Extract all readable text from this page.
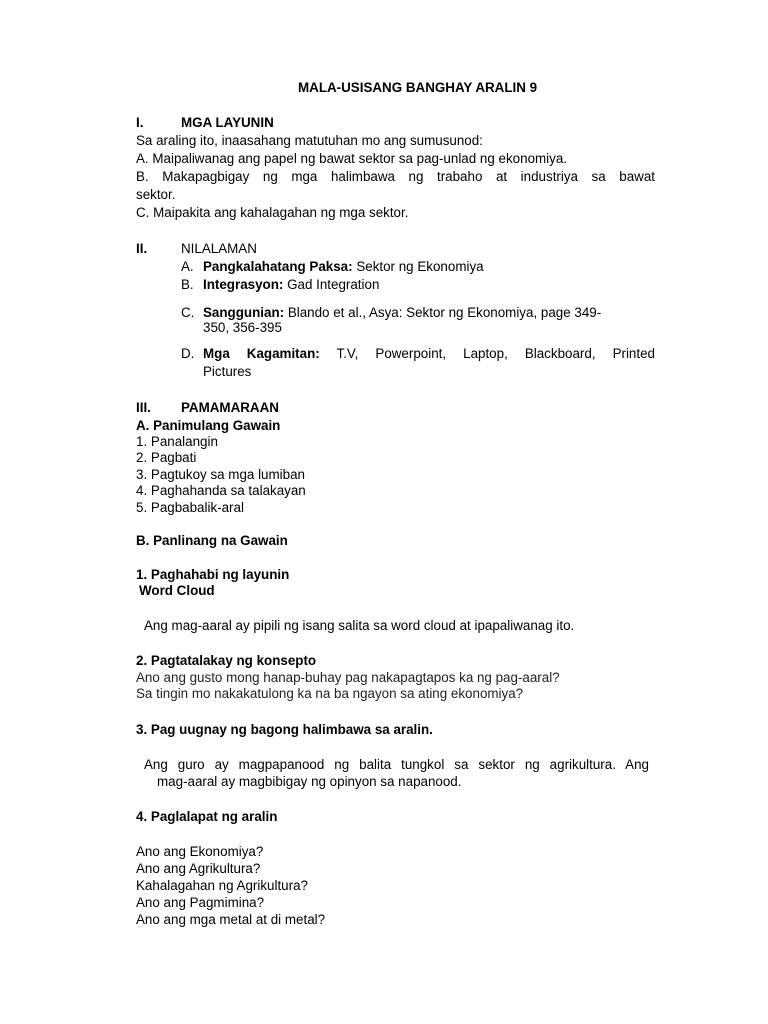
MALA-USISANG BANGHAY ARALIN 9
I.	MGA LAYUNIN
Sa araling ito, inaasahang matutuhan mo ang sumusunod:
A. Maipaliwanag ang papel ng bawat sektor sa pag-unlad ng ekonomiya.
B. Makapagbigay ng mga halimbawa ng trabaho at industriya sa bawat
sektor.
C. Maipakita ang kahalagahan ng mga sektor.
II.	NILALAMAN
A. Pangkalahatang Paksa: Sektor ng Ekonomiya
B. Integrasyon: Gad Integration
C. Sanggunian: Blando et al., Asya: Sektor ng Ekonomiya, page 349-
350, 356-395
D. Mga Kagamitan: T.V, Powerpoint, Laptop, Blackboard, Printed
Pictures
III. PAMAMARAAN
A. Panimulang Gawain
1. Panalangin
2. Pagbati
3. Pagtukoy sa mga lumiban
4. Paghahanda sa talakayan
5. Pagbabalik-aral
B. Panlinang na Gawain
1. Paghahabi ng layunin
Word Cloud
Ang mag-aaral ay pipili ng isang salita sa word cloud at ipapaliwanag ito.
2. Pagtatalakay ng konsepto
Ano ang gusto mong hanap-buhay pag nakapagtapos ka ng pag-aaral?
Sa tingin mo nakakatulong ka na ba ngayon sa ating ekonomiya?
3. Pag uugnay ng bagong halimbawa sa aralin.
Ang guro ay magpapanood ng balita tungkol sa sektor ng agrikultura. Ang
mag-aaral ay magbibigay ng opinyon sa napanood.
4. Paglalapat ng aralin
Ano ang Ekonomiya?
Ano ang Agrikultura?
Kahalagahan ng Agrikultura?
Ano ang Pagmimina?
Ano ang mga metal at di metal?
